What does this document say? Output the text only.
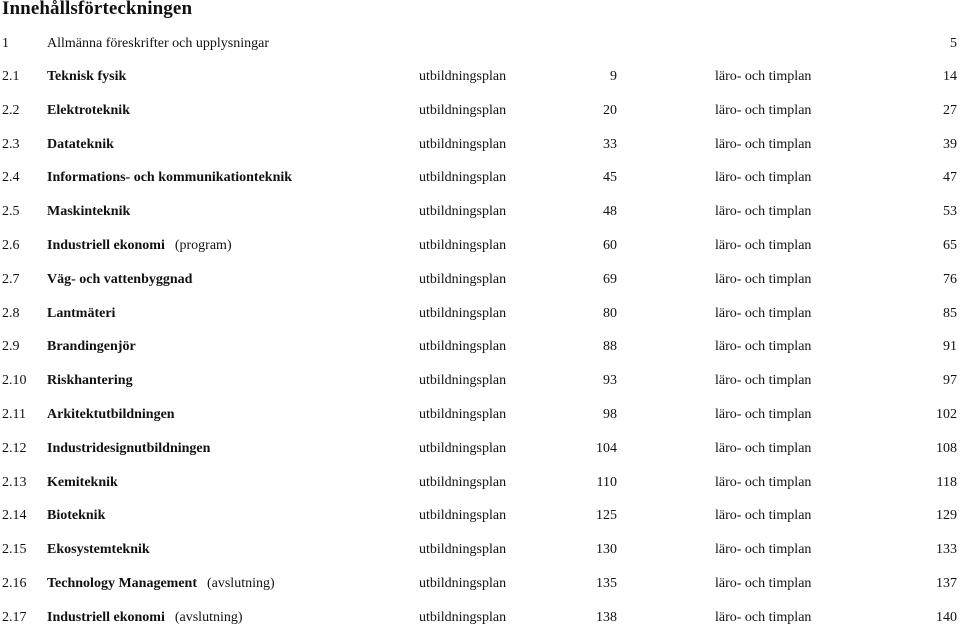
Innehållsförteckningen
1	Allmänna föreskrifter och upplysningar	5
2.1 Teknisk fysik	utbildningsplan	9	läro- och timplan	14
2.2 Elektroteknik	utbildningsplan	20	läro- och timplan	27
2.3 Datateknik	utbildningsplan	33	läro- och timplan	39
2.4 Informations- och kommunikationteknik	utbildningsplan	45	läro- och timplan	47
2.5 Maskinteknik	utbildningsplan	48	läro- och timplan	53
2.6 Industriell ekonomi (program)	utbildningsplan	60	läro- och timplan	65
2.7 Väg- och vattenbyggnad	utbildningsplan	69	läro- och timplan	76
2.8 Lantmäteri	utbildningsplan	80	läro- och timplan	85
2.9 Brandingenjör	utbildningsplan	88	läro- och timplan	91
2.10 Riskhantering	utbildningsplan	93	läro- och timplan	97
2.11 Arkitektutbildningen	utbildningsplan	98	läro- och timplan	102
2.12 Industridesignutbildningen	utbildningsplan	104	läro- och timplan	108
2.13 Kemiteknik	utbildningsplan	110	läro- och timplan	118
2.14 Bioteknik	utbildningsplan	125	läro- och timplan	129
2.15 Ekosystemteknik	utbildningsplan	130	läro- och timplan	133
2.16 Technology Management (avslutning)	utbildningsplan	135	läro- och timplan	137
2.17 Industriell ekonomi (avslutning)	utbildningsplan	138	läro- och timplan	140
